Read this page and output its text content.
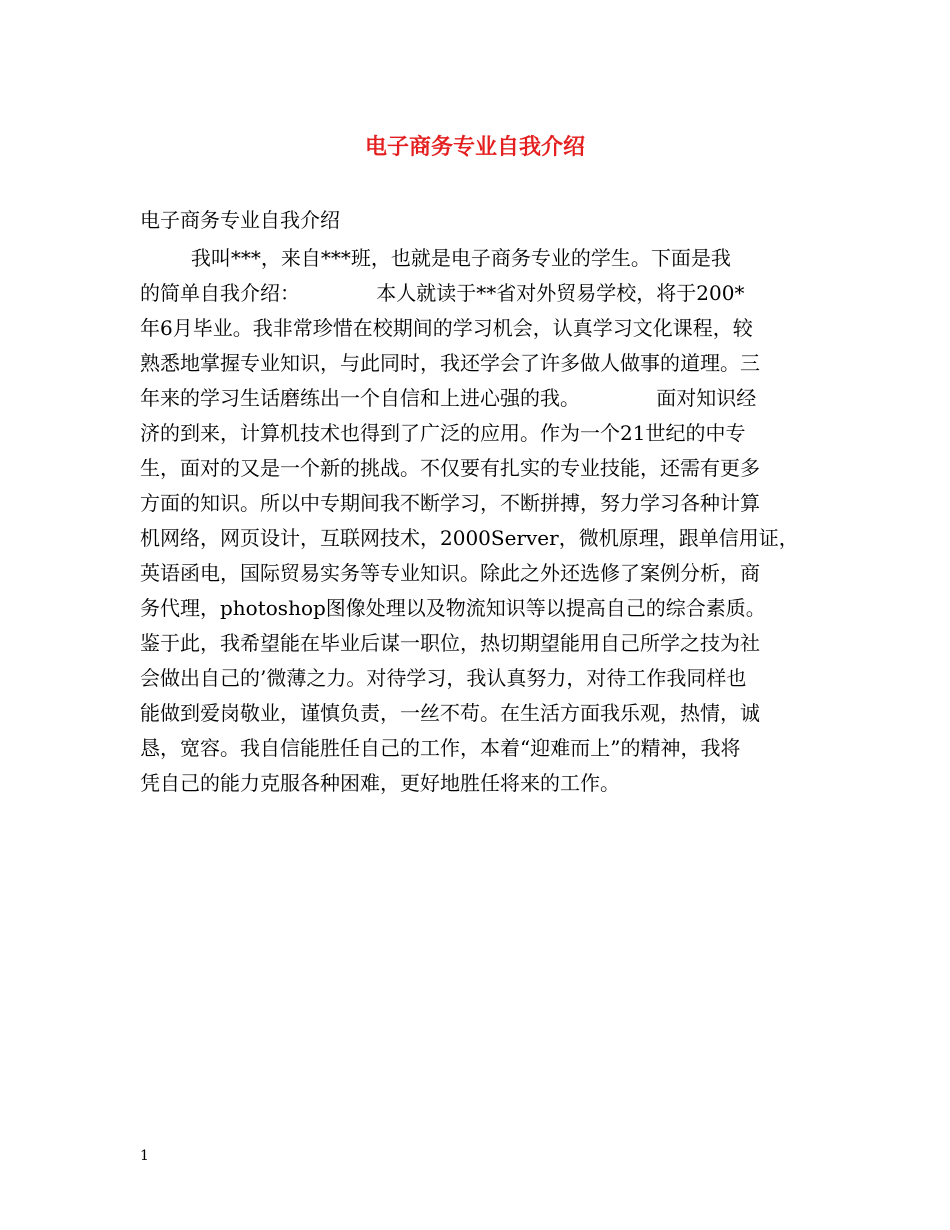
电子商务专业自我介绍

电子商务专业自我介绍

我叫***，来自***班，也就是电子商务专业的学生。下面是我
的简单自我介绍：            本人就读于**省对外贸易学校，将于200*
年6月毕业。我非常珍惜在校期间的学习机会，认真学习文化课程，较
熟悉地掌握专业知识，与此同时，我还学会了许多做人做事的道理。三
年来的学习生话磨练出一个自信和上进心强的我。            面对知识经
济的到来，计算机技术也得到了广泛的应用。作为一个21世纪的中专
生，面对的又是一个新的挑战。不仅要有扎实的专业技能，还需有更多
方面的知识。所以中专期间我不断学习，不断拼搏，努力学习各种计算
机网络，网页设计，互联网技术，2000Server，微机原理，跟单信用证，
英语函电，国际贸易实务等专业知识。除此之外还选修了案例分析，商
务代理，photoshop图像处理以及物流知识等以提高自己的综合素质。
鉴于此，我希望能在毕业后谋一职位，热切期望能用自己所学之技为社
会做出自己的’微薄之力。对待学习，我认真努力，对待工作我同样也
能做到爱岗敬业，谨慎负责，一丝不苟。在生活方面我乐观，热情，诚
恳，宽容。我自信能胜任自己的工作，本着“迎难而上”的精神，我将
凭自己的能力克服各种困难，更好地胜任将来的工作。

1
